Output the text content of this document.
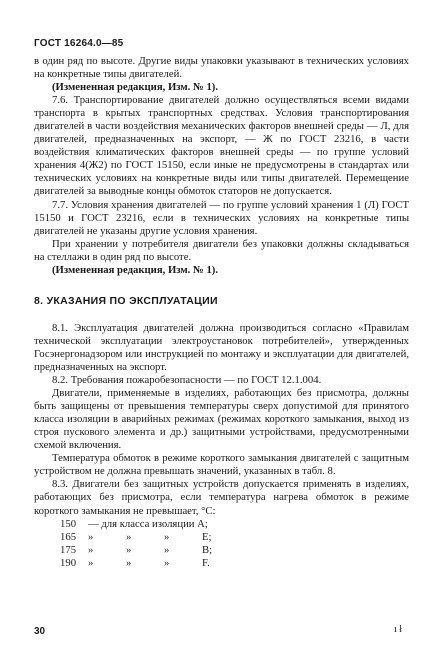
ГОСТ 16264.0—85

в один ряд по высоте. Другие виды упаковки указывают в технических условиях на конкретные типы двигателей.

(Измененная редакция, Изм. № 1).

7.6. Транспортирование двигателей должно осуществляться всеми видами транспорта в крытых транспортных средствах. Условия транспортирования двигателей в части воздействия механических факторов внешней среды — Л, для двигателей, предназначенных на экспорт, — Ж по ГОСТ 23216, в части воздействия климатических факторов внешней среды — по группе условий хранения 4(Ж2) по ГОСТ 15150, если иные не предусмотрены в стандартах или технических условиях на конкретные виды или типы двигателей. Перемещение двигателей за выводные концы обмоток статоров не допускается.

7.7. Условия хранения двигателей — по группе условий хранения 1 (Л) ГОСТ 15150 и ГОСТ 23216, если в технических условиях на конкретные типы двигателей не указаны другие условия хранения.

При хранении у потребителя двигатели без упаковки должны складываться на стеллажи в один ряд по высоте.

(Измененная редакция, Изм. № 1).

8. УКАЗАНИЯ ПО ЭКСПЛУАТАЦИИ

8.1. Эксплуатация двигателей должна производиться согласно «Правилам технической эксплуатации электроустановок потребителей», утвержденных Госэнергонадзором или инструкцией по монтажу и эксплуатации для двигателей, предназначенных на экспорт.

8.2. Требования пожаробезопасности — по ГОСТ 12.1.004.

Двигатели, применяемые в изделиях, работающих без присмотра, должны быть защищены от превышения температуры сверх допустимой для принятого класса изоляции в аварийных режимах (режимах короткого замыкания, выход из строя пускового элемента и др.) защитными устройствами, предусмотренными схемой включения.

Температура обмоток в режиме короткого замыкания двигателей с защитным устройством не должна превышать значений, указанных в табл. 8.

8.3. Двигатели без защитных устройств допускается применять в изделиях, работающих без присмотра, если температура нагрева обмоток в режиме короткого замыкания не превышает, °С:

150	— для класса изоляции А;
165	»	»	»	Е;
175	»	»	»	В;
190	»	»	»	F.
30	ı ł
